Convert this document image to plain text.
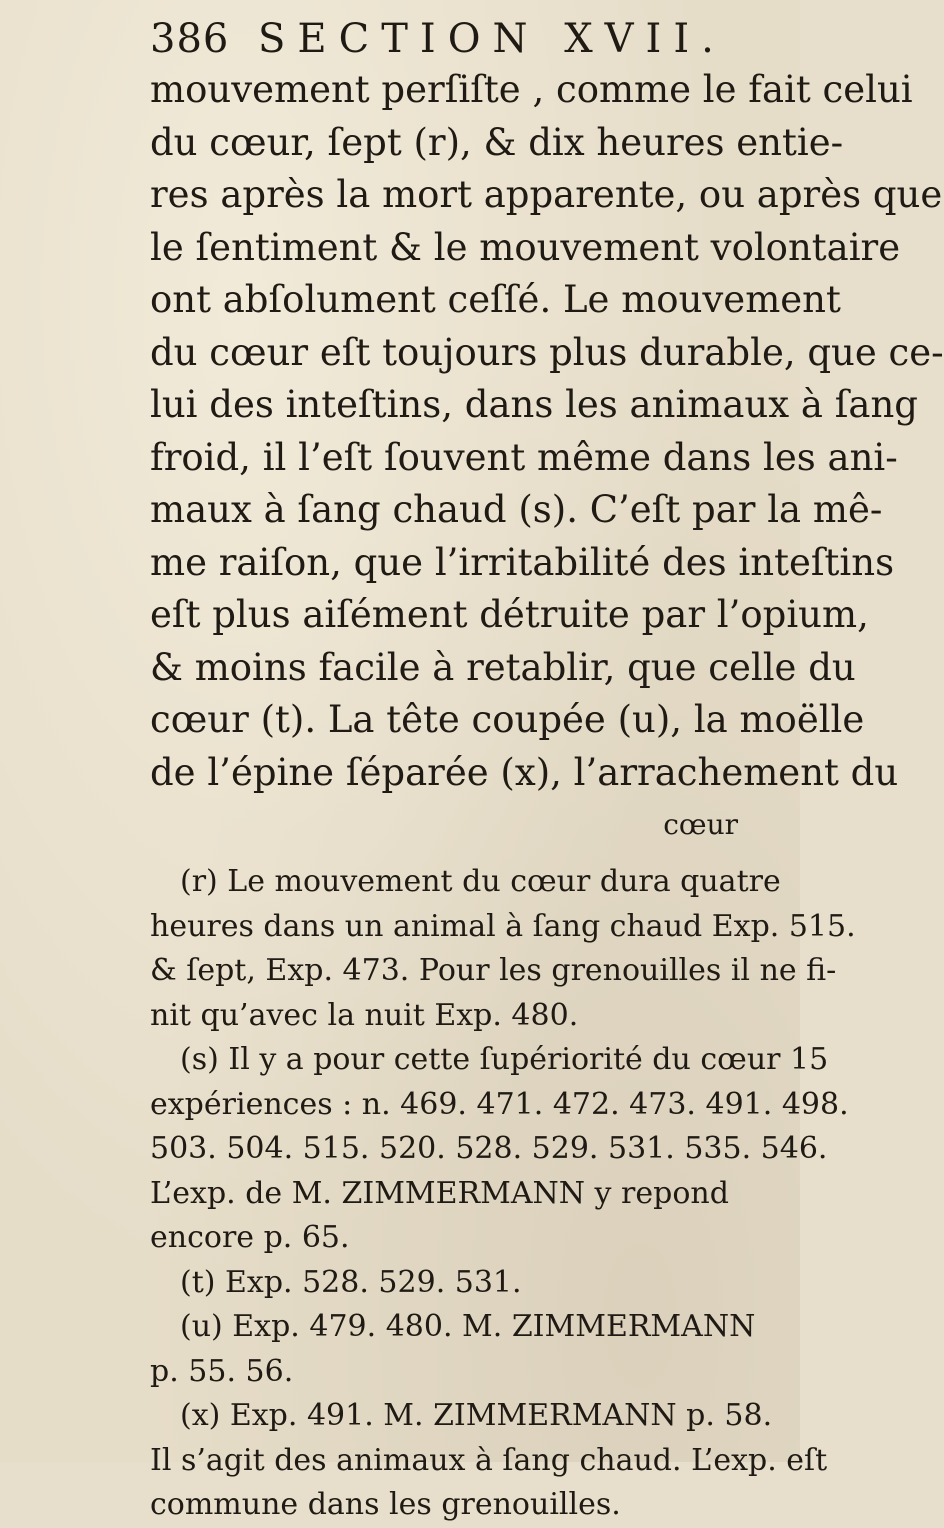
386 SECTION XVII.
mouvement perſiſte , comme le fait celui
du cœur, ſept (r), & dix heures entie-
res après la mort apparente, ou après que
le ſentiment & le mouvement volontaire
ont abſolument ceſſé. Le mouvement
du cœur eſt toujours plus durable, que ce-
lui des inteſtins, dans les animaux à ſang
froid, il l’eſt ſouvent même dans les ani-
maux à ſang chaud (s). C’eſt par la mê-
me raiſon, que l’irritabilité des inteſtins
eſt plus aiſément détruite par l’opium,
& moins facile à retablir, que celle du
cœur (t). La tête coupée (u), la moëlle
de l’épine ſéparée (x), l’arrachement du
cœur
(r) Le mouvement du cœur dura quatre
heures dans un animal à ſang chaud Exp. 515.
& ſept, Exp. 473. Pour les grenouilles il ne fi-
nit qu’avec la nuit Exp. 480.
(s) Il y a pour cette ſupériorité du cœur 15
expériences : n. 469. 471. 472. 473. 491. 498.
503. 504. 515. 520. 528. 529. 531. 535. 546.
L’exp. de M. ZIMMERMANN y repond
encore p. 65.
(t) Exp. 528. 529. 531.
(u) Exp. 479. 480. M. ZIMMERMANN
p. 55. 56.
(x) Exp. 491. M. ZIMMERMANN p. 58.
Il s’agit des animaux à ſang chaud. L’exp. eſt
commune dans les grenouilles.
